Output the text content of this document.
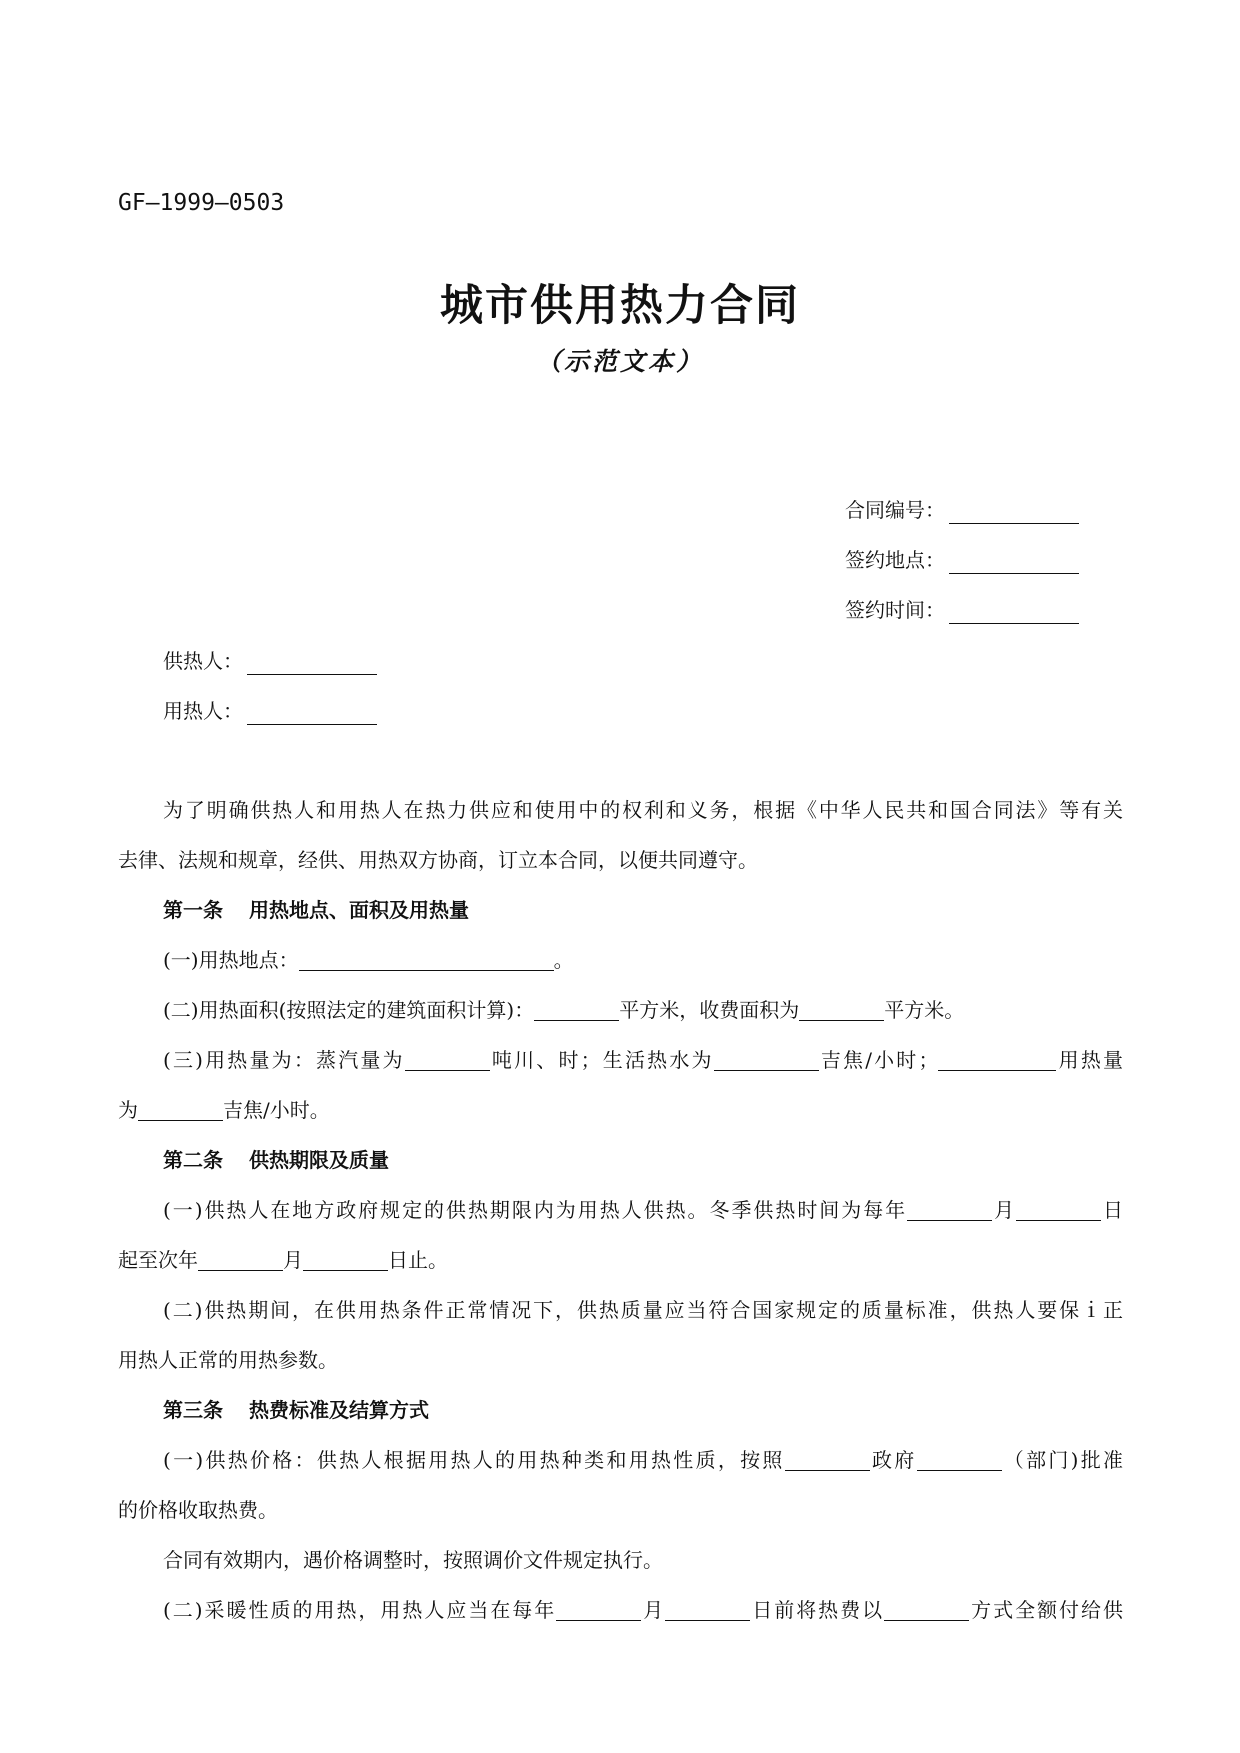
GF—1999—0503
城市供用热力合同
（示范文本）
合同编号：
签约地点：
签约时间：
供热人：
用热人：
为了明确供热人和用热人在热力供应和使用中的权利和义务，根据《中华人民共和国合同法》等有关
去律、法规和规章，经供、用热双方协商，订立本合同，以便共同遵守。
第一条 用热地点、面积及用热量
(一)用热地点：	。
(二)用热面积(按照法定的建筑面积计算)：	平方米，收费面积为	平方米。
(三)用热量为：蒸汽量为	吨川、时；生活热水为	吉焦/小时；	用热量
为	吉焦/小时。
第二条 供热期限及质量
(一)供热人在地方政府规定的供热期限内为用热人供热。冬季供热时间为每年	月	日
起至次年	月	日止。
(二)供热期间，在供用热条件正常情况下，供热质量应当符合国家规定的质量标准，供热人要保ｉ正
用热人正常的用热参数。
第三条 热费标准及结算方式
(一)供热价格：供热人根据用热人的用热种类和用热性质，按照	政府	（部门)批准
的价格收取热费。
合同有效期内，遇价格调整时，按照调价文件规定执行。
(二)采暖性质的用热，用热人应当在每年	月	日前将热费以	方式全额付给供
